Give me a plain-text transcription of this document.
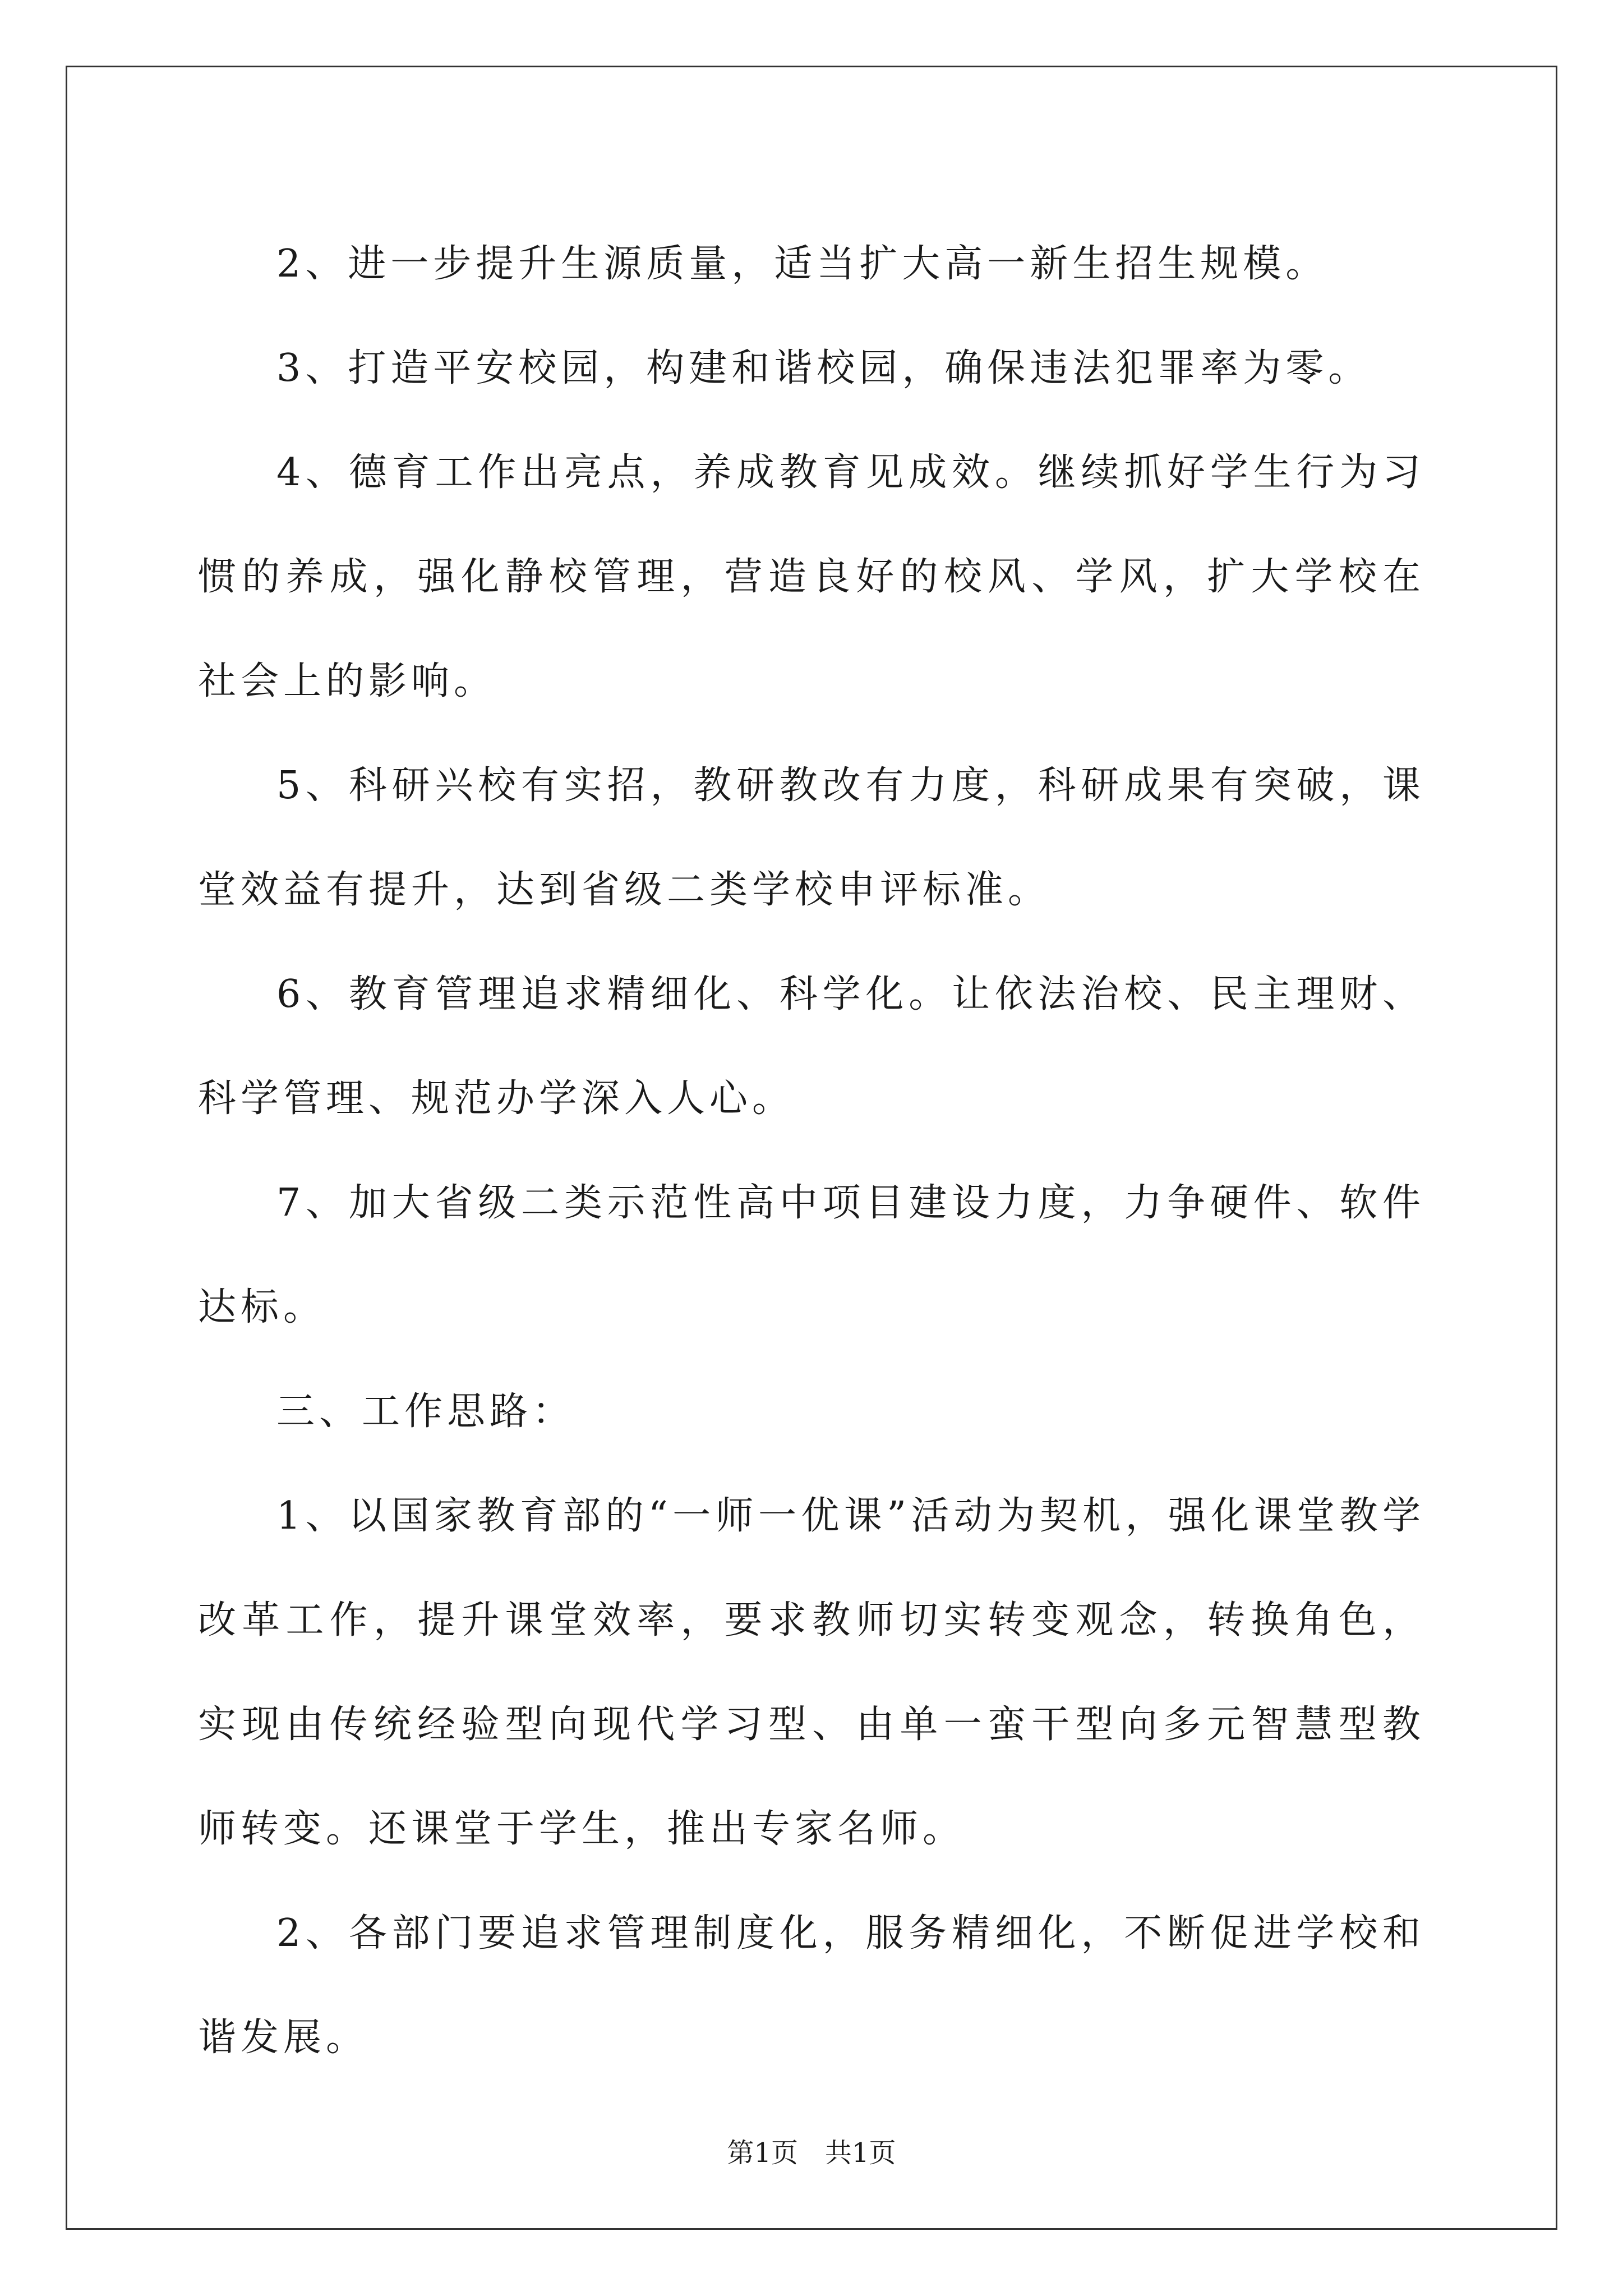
2、进一步提升生源质量，适当扩大高一新生招生规模。

3、打造平安校园，构建和谐校园，确保违法犯罪率为零。

4、德育工作出亮点，养成教育见成效。继续抓好学生行为习惯的养成，强化静校管理，营造良好的校风、学风，扩大学校在社会上的影响。

5、科研兴校有实招，教研教改有力度，科研成果有突破，课堂效益有提升，达到省级二类学校申评标准。

6、教育管理追求精细化、科学化。让依法治校、民主理财、科学管理、规范办学深入人心。

7、加大省级二类示范性高中项目建设力度，力争硬件、软件达标。

三、工作思路：

1、以国家教育部的“一师一优课”活动为契机，强化课堂教学改革工作，提升课堂效率，要求教师切实转变观念，转换角色，实现由传统经验型向现代学习型、由单一蛮干型向多元智慧型教师转变。还课堂于学生，推出专家名师。

2、各部门要追求管理制度化，服务精细化，不断促进学校和谐发展。

第1页 共1页
